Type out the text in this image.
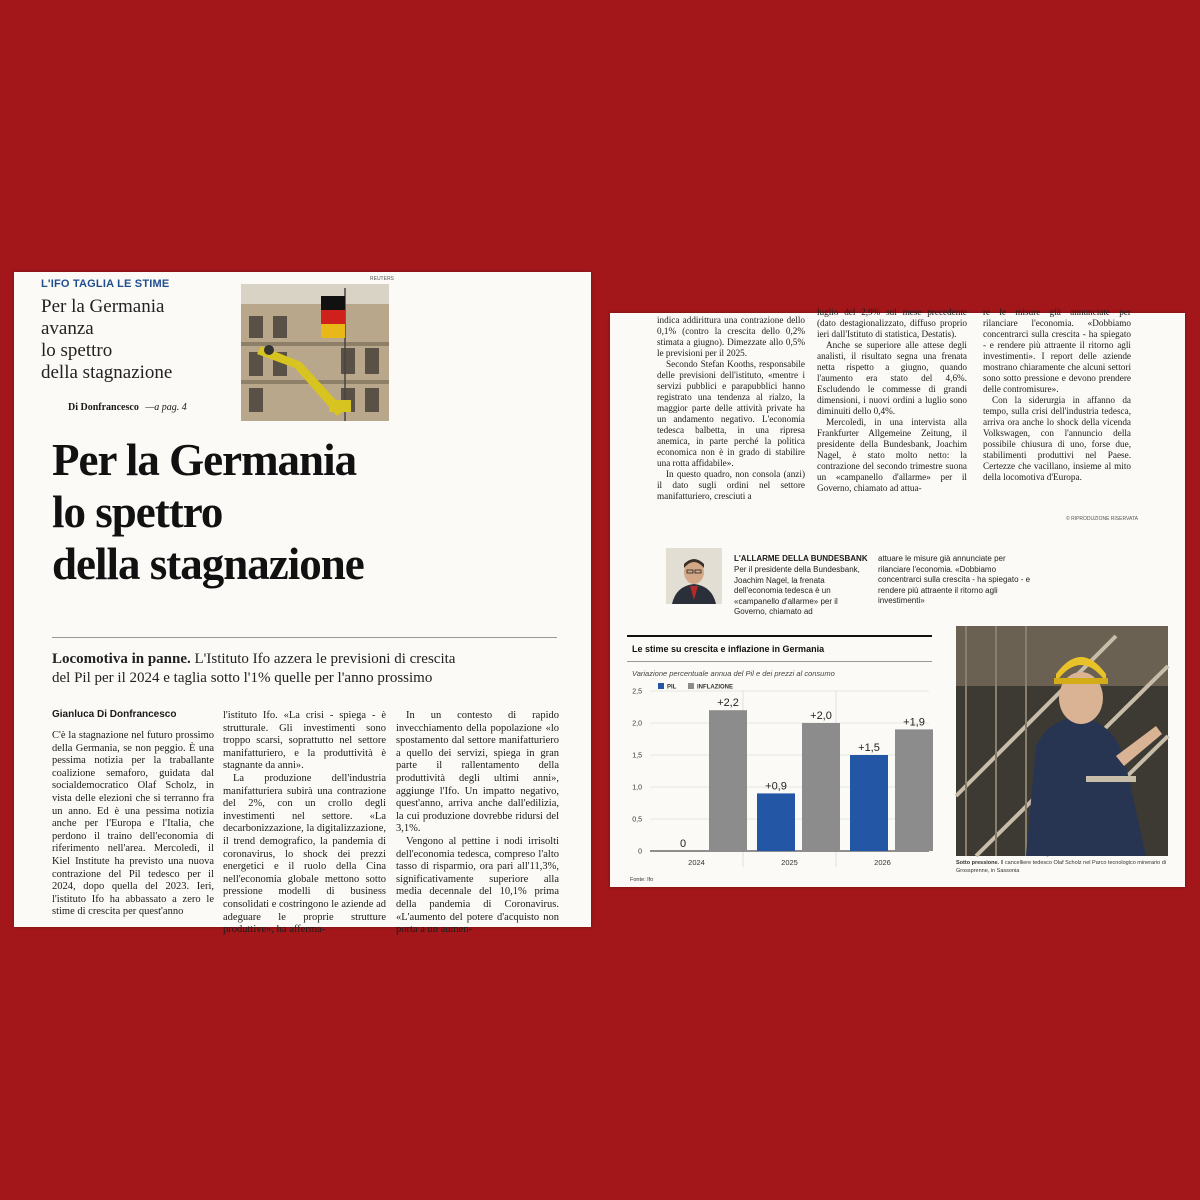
L'IFO TAGLIA LE STIME
Per la Germania
avanza
lo spettro
della stagnazione
Di Donfrancesco —a pag. 4
REUTERS
Per la Germania
lo spettro
della stagnazione
Locomotiva in panne. L'Istituto Ifo azzera le previsioni di crescita
del Pil per il 2024 e taglia sotto l'1% quelle per l'anno prossimo
Gianluca Di Donfrancesco

C'è la stagnazione nel futuro prossimo della Germania, se non peggio. È una pessima notizia per la traballante coalizione semaforo, guidata dal socialdemocratico Olaf Scholz, in vista delle elezioni che si terranno fra un anno. Ed è una pessima notizia anche per l'Europa e l'Italia, che perdono il traino dell'economia di riferimento nell'area. Mercoledì, il Kiel Institute ha previsto una nuova contrazione del Pil tedesco per il 2024, dopo quella del 2023. Ieri, l'istituto Ifo ha abbassato a zero le stime di crescita per quest'anno

l'istituto Ifo. «La crisi - spiega - è strutturale. Gli investimenti sono troppo scarsi, soprattutto nel settore manifatturiero, e la produttività è stagnante da anni».

La produzione dell'industria manifatturiera subirà una contrazione del 2%, con un crollo degli investimenti nel settore. «La decarbonizzazione, la digitalizzazione, il trend demografico, la pandemia di coronavirus, lo shock dei prezzi energetici e il ruolo della Cina nell'economia globale mettono sotto pressione modelli di business consolidati e costringono le aziende ad adeguare le proprie strutture produttive», ha afferma-

In un contesto di rapido invecchiamento della popolazione «lo spostamento dal settore manifatturiero a quello dei servizi, spiega in gran parte il rallentamento della produttività degli ultimi anni», aggiunge l'Ifo. Un impatto negativo, quest'anno, arriva anche dall'edilizia, la cui produzione dovrebbe ridursi del 3,1%.

Vengono al pettine i nodi irrisolti dell'economia tedesca, compreso l'alto tasso di risparmio, ora pari all'11,3%, significativamente superiore alla media decennale del 10,1% prima della pandemia di Coronavirus. «L'aumento del potere d'acquisto non porta a un aumen-

indica addirittura una contrazione dello 0,1% (contro la crescita dello 0,2% stimata a giugno). Dimezzate allo 0,5% le previsioni per il 2025.

Secondo Stefan Kooths, responsabile delle previsioni dell'istituto, «mentre i servizi pubblici e parapubblici hanno registrato una tendenza al rialzo, la maggior parte delle attività private ha un andamento negativo. L'economia tedesca balbetta, in una ripresa anemica, in parte perché la politica economica non è in grado di stabilire una rotta affidabile».

In questo quadro, non consola (anzi) il dato sugli ordini nel settore manifatturiero, cresciuti a

luglio del 2,9% sul mese precedente (dato destagionalizzato, diffuso proprio ieri dall'Istituto di statistica, Destatis).

Anche se superiore alle attese degli analisti, il risultato segna una frenata netta rispetto a giugno, quando l'aumento era stato del 4,6%. Escludendo le commesse di grandi dimensioni, i nuovi ordini a luglio sono diminuiti dello 0,4%.

Mercoledì, in una intervista alla Frankfurter Allgemeine Zeitung, il presidente della Bundesbank, Joachim Nagel, è stato molto netto: la contrazione del secondo trimestre suona un «campanello d'allarme» per il Governo, chiamato ad attua-

re le misure già annunciate per rilanciare l'economia. «Dobbiamo concentrarci sulla crescita - ha spiegato - e rendere più attraente il ritorno agli investimenti». I report delle aziende mostrano chiaramente che alcuni settori sono sotto pressione e devono prendere delle contromisure».

Con la siderurgia in affanno da tempo, sulla crisi dell'industria tedesca, arriva ora anche lo shock della vicenda Volkswagen, con l'annuncio della possibile chiusura di uno, forse due, stabilimenti produttivi nel Paese. Certezze che vacillano, insieme al mito della locomotiva d'Europa.

© RIPRODUZIONE RISERVATA
L'ALLARME DELLA BUNDESBANK
Per il presidente della Bundesbank, Joachim Nagel, la frenata dell'economia tedesca è un «campanello d'allarme» per il Governo, chiamato ad
attuare le misure già annunciate per rilanciare l'economia. «Dobbiamo concentrarci sulla crescita - ha spiegato - e rendere più attraente il ritorno agli investimenti»
Le stime su crescita e inflazione in Germania
Variazione percentuale annua del Pil e dei prezzi al consumo
0
0,5
1,0
1,5
2,0
2,5
0
+2,2
2024
+0,9
+2,0
2025
+1,5
+1,9
2026
PIL	INFLAZIONE
Fonte: Ifo
Sotto pressione. Il cancelliere tedesco Olaf Scholz nel Parco tecnologico minerario di Grossprenne, in Sassonia
